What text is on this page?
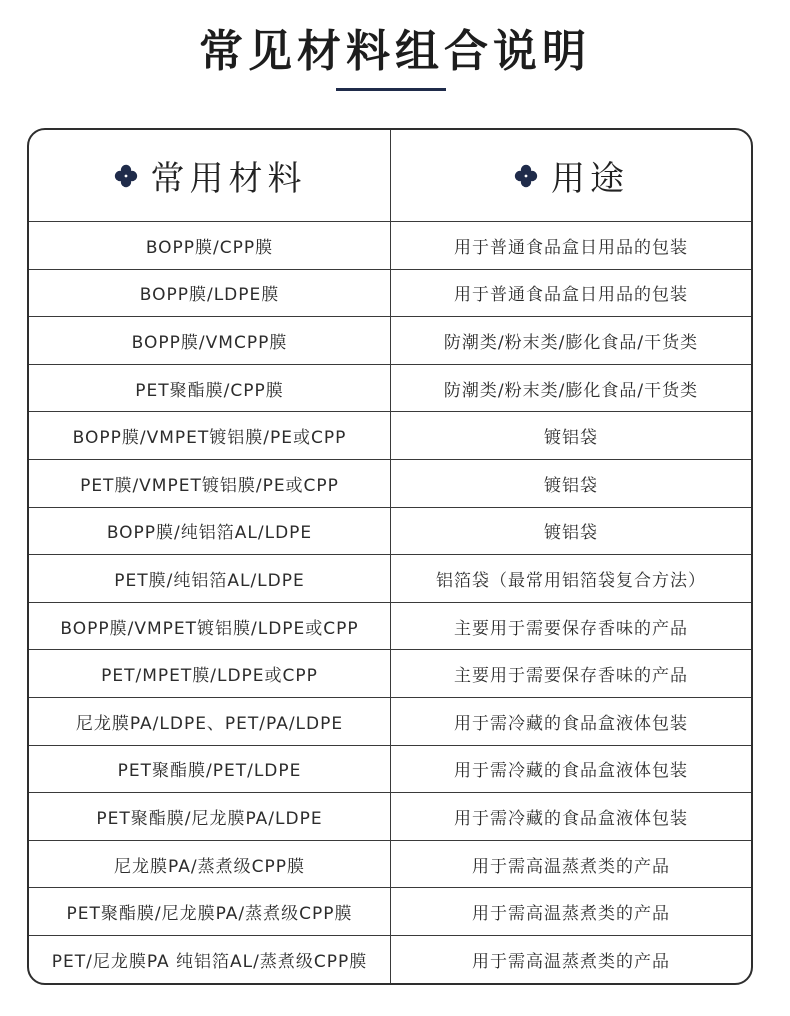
常见材料组合说明
常用材料	用途
BOPP膜/CPP膜	用于普通食品盒日用品的包装
BOPP膜/LDPE膜	用于普通食品盒日用品的包装
BOPP膜/VMCPP膜	防潮类/粉末类/膨化食品/干货类
PET聚酯膜/CPP膜	防潮类/粉末类/膨化食品/干货类
BOPP膜/VMPET镀铝膜/PE或CPP	镀铝袋
PET膜/VMPET镀铝膜/PE或CPP	镀铝袋
BOPP膜/纯铝箔AL/LDPE	镀铝袋
PET膜/纯铝箔AL/LDPE	铝箔袋（最常用铝箔袋复合方法）
BOPP膜/VMPET镀铝膜/LDPE或CPP	主要用于需要保存香味的产品
PET/MPET膜/LDPE或CPP	主要用于需要保存香味的产品
尼龙膜PA/LDPE、PET/PA/LDPE	用于需冷藏的食品盒液体包装
PET聚酯膜/PET/LDPE	用于需冷藏的食品盒液体包装
PET聚酯膜/尼龙膜PA/LDPE	用于需冷藏的食品盒液体包装
尼龙膜PA/蒸煮级CPP膜	用于需高温蒸煮类的产品
PET聚酯膜/尼龙膜PA/蒸煮级CPP膜	用于需高温蒸煮类的产品
PET/尼龙膜PA 纯铝箔AL/蒸煮级CPP膜	用于需高温蒸煮类的产品
